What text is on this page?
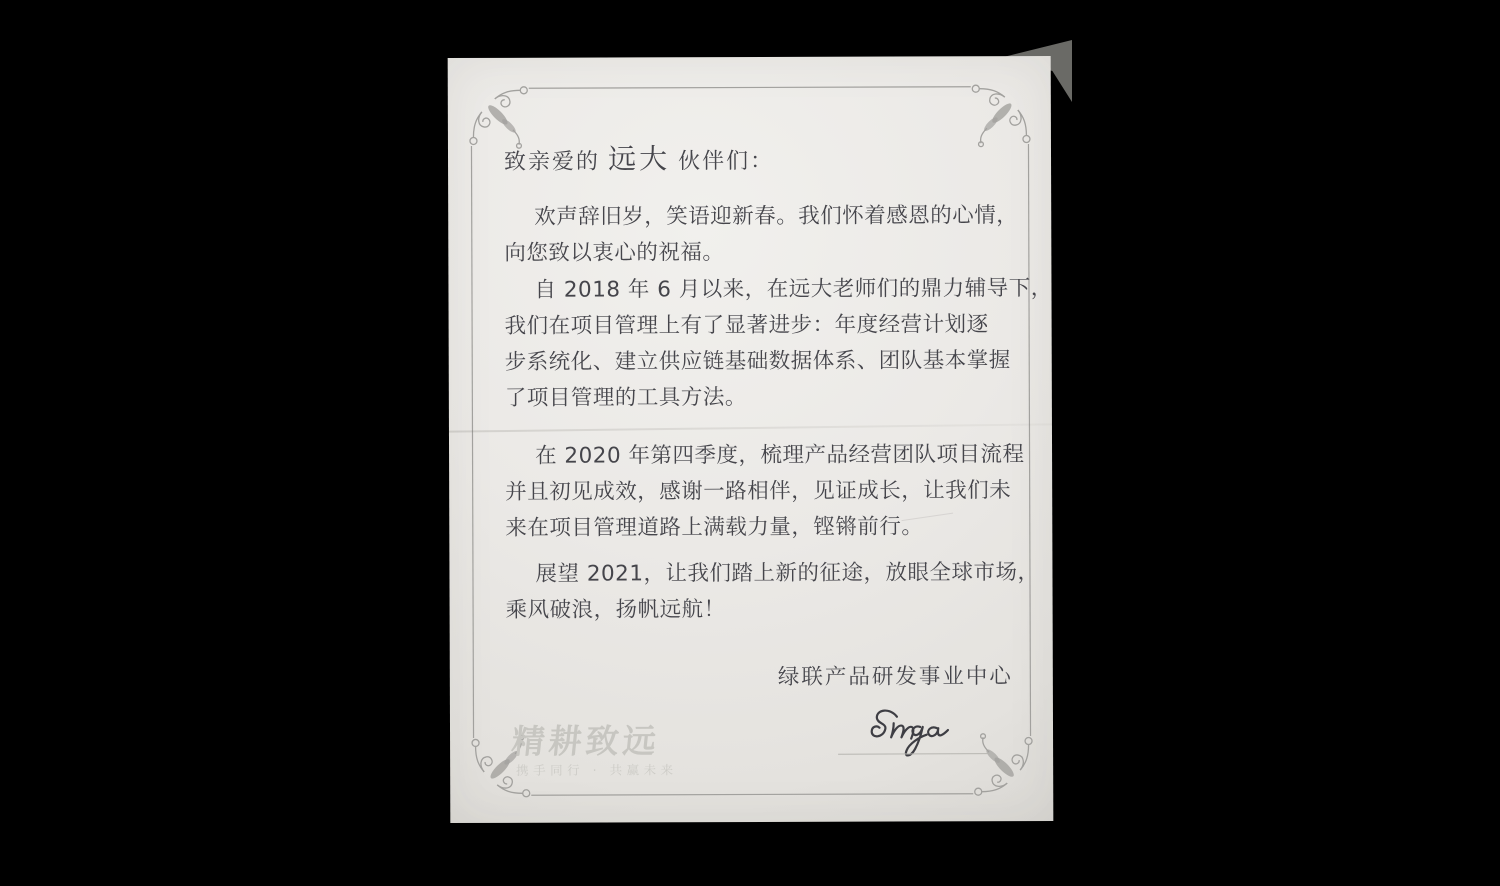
致亲爱的 远大 伙伴们：
欢声辞旧岁，笑语迎新春。我们怀着感恩的心情，
向您致以衷心的祝福。
自 2018 年 6 月以来，在远大老师们的鼎力辅导下，
我们在项目管理上有了显著进步：年度经营计划逐
步系统化、建立供应链基础数据体系、团队基本掌握
了项目管理的工具方法。
在 2020 年第四季度，梳理产品经营团队项目流程
并且初见成效，感谢一路相伴，见证成长，让我们未
来在项目管理道路上满载力量，铿锵前行。
展望 2021，让我们踏上新的征途，放眼全球市场，
乘风破浪，扬帆远航！
绿联产品研发事业中心
精耕致远
携手同行 · 共赢未来
